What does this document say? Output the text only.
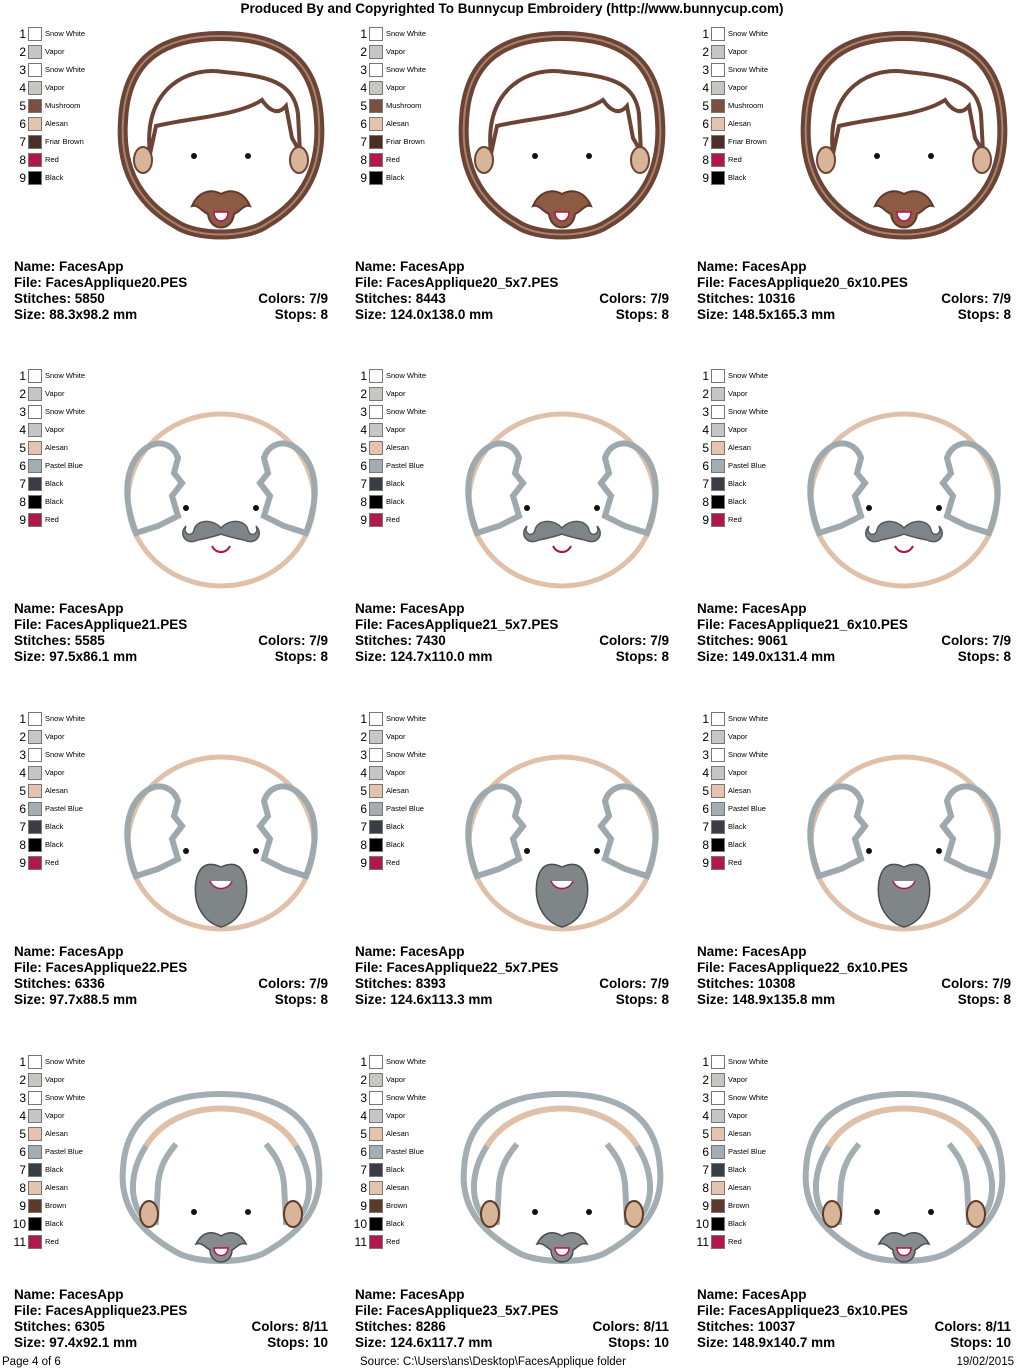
Produced By and Copyrighted To Bunnycup Embroidery (http://www.bunnycup.com)
1	Snow White
2	Vapor
3	Snow White
4	Vapor
5	Mushroom
6	Alesan
7	Friar Brown
8	Red
9	Black
Name: FacesApp
File: FacesApplique20.PES
Stitches: 5850	Colors: 7/9
Size: 88.3x98.2 mm	Stops: 8
1	Snow White
2	Vapor
3	Snow White
4	Vapor
5	Mushroom
6	Alesan
7	Friar Brown
8	Red
9	Black
Name: FacesApp
File: FacesApplique20_5x7.PES
Stitches: 8443	Colors: 7/9
Size: 124.0x138.0 mm	Stops: 8
1	Snow White
2	Vapor
3	Snow White
4	Vapor
5	Mushroom
6	Alesan
7	Friar Brown
8	Red
9	Black
Name: FacesApp
File: FacesApplique20_6x10.PES
Stitches: 10316	Colors: 7/9
Size: 148.5x165.3 mm	Stops: 8
1	Snow White
2	Vapor
3	Snow White
4	Vapor
5	Alesan
6	Pastel Blue
7	Black
8	Black
9	Red
Name: FacesApp
File: FacesApplique21.PES
Stitches: 5585	Colors: 7/9
Size: 97.5x86.1 mm	Stops: 8
1	Snow White
2	Vapor
3	Snow White
4	Vapor
5	Alesan
6	Pastel Blue
7	Black
8	Black
9	Red
Name: FacesApp
File: FacesApplique21_5x7.PES
Stitches: 7430	Colors: 7/9
Size: 124.7x110.0 mm	Stops: 8
1	Snow White
2	Vapor
3	Snow White
4	Vapor
5	Alesan
6	Pastel Blue
7	Black
8	Black
9	Red
Name: FacesApp
File: FacesApplique21_6x10.PES
Stitches: 9061	Colors: 7/9
Size: 149.0x131.4 mm	Stops: 8
1	Snow White
2	Vapor
3	Snow White
4	Vapor
5	Alesan
6	Pastel Blue
7	Black
8	Black
9	Red
Name: FacesApp
File: FacesApplique22.PES
Stitches: 6336	Colors: 7/9
Size: 97.7x88.5 mm	Stops: 8
1	Snow White
2	Vapor
3	Snow White
4	Vapor
5	Alesan
6	Pastel Blue
7	Black
8	Black
9	Red
Name: FacesApp
File: FacesApplique22_5x7.PES
Stitches: 8393	Colors: 7/9
Size: 124.6x113.3 mm	Stops: 8
1	Snow White
2	Vapor
3	Snow White
4	Vapor
5	Alesan
6	Pastel Blue
7	Black
8	Black
9	Red
Name: FacesApp
File: FacesApplique22_6x10.PES
Stitches: 10308	Colors: 7/9
Size: 148.9x135.8 mm	Stops: 8
1	Snow White
2	Vapor
3	Snow White
4	Vapor
5	Alesan
6	Pastel Blue
7	Black
8	Alesan
9	Brown
10	Black
11	Red
Name: FacesApp
File: FacesApplique23.PES
Stitches: 6305	Colors: 8/11
Size: 97.4x92.1 mm	Stops: 10
1	Snow White
2	Vapor
3	Snow White
4	Vapor
5	Alesan
6	Pastel Blue
7	Black
8	Alesan
9	Brown
10	Black
11	Red
Name: FacesApp
File: FacesApplique23_5x7.PES
Stitches: 8286	Colors: 8/11
Size: 124.6x117.7 mm	Stops: 10
1	Snow White
2	Vapor
3	Snow White
4	Vapor
5	Alesan
6	Pastel Blue
7	Black
8	Alesan
9	Brown
10	Black
11	Red
Name: FacesApp
File: FacesApplique23_6x10.PES
Stitches: 10037	Colors: 8/11
Size: 148.9x140.7 mm	Stops: 10
Page 4 of 6	Source: C:\Users\ans\Desktop\FacesApplique folder	19/02/2015
